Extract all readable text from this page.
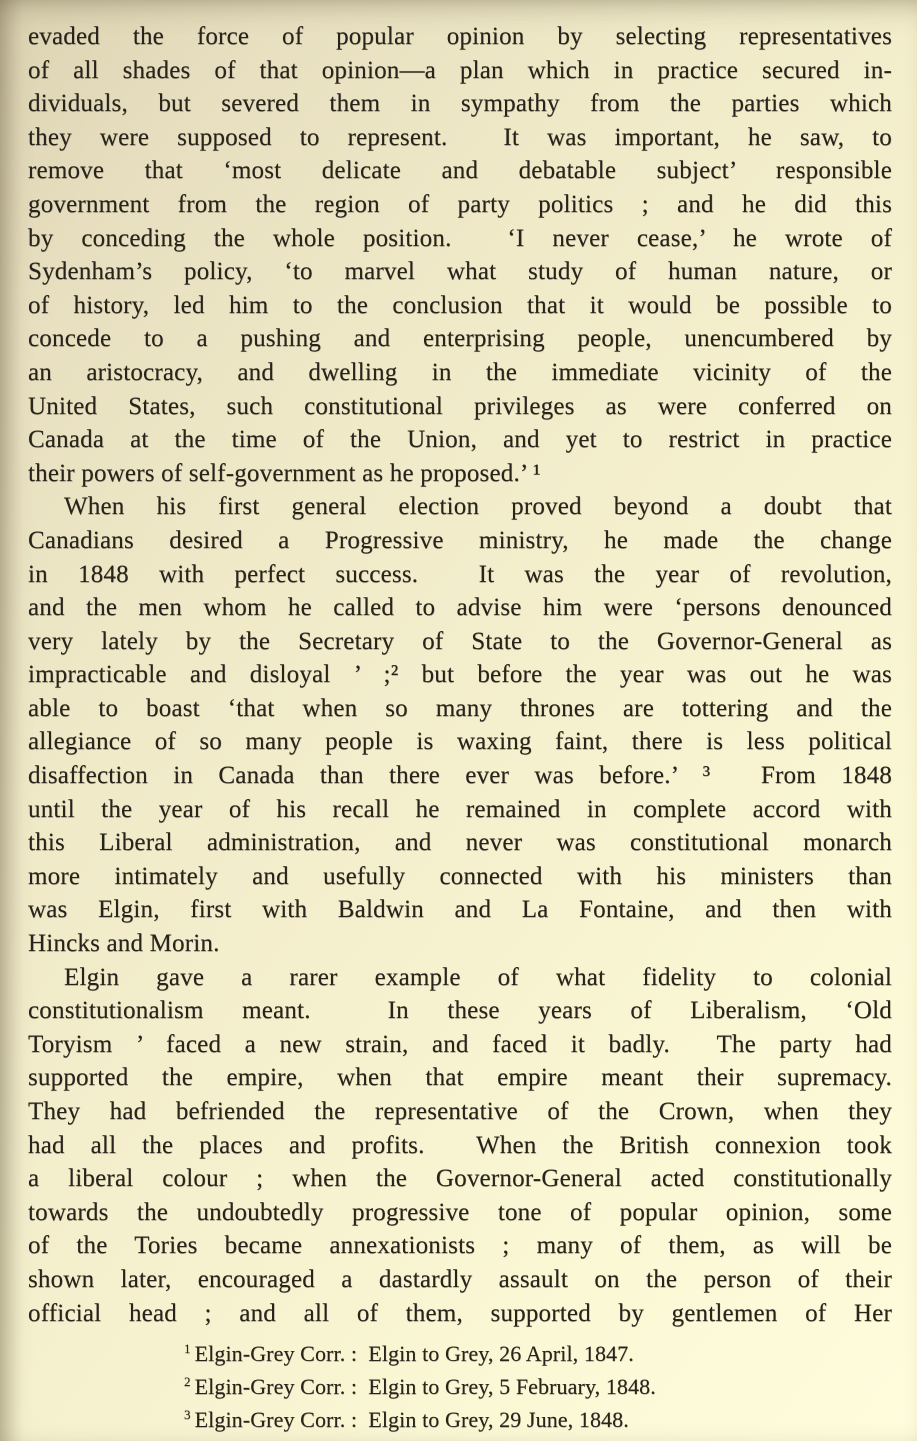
evaded the force of popular opinion by selecting representatives
of all shades of that opinion—a plan which in practice secured in-
dividuals, but severed them in sympathy from the parties which
they were supposed to represent.  It was important, he saw, to
remove that ‘most delicate and debatable subject’ responsible
government from the region of party politics ; and he did this
by conceding the whole position.  ‘I never cease,’ he wrote of
Sydenham’s policy, ‘to marvel what study of human nature, or
of history, led him to the conclusion that it would be possible to
concede to a pushing and enterprising people, unencumbered by
an aristocracy, and dwelling in the immediate vicinity of the
United States, such constitutional privileges as were conferred on
Canada at the time of the Union, and yet to restrict in practice
their powers of self-government as he proposed.’ ¹
When his first general election proved beyond a doubt that
Canadians desired a Progressive ministry, he made the change
in 1848 with perfect success.  It was the year of revolution,
and the men whom he called to advise him were ‘persons denounced
very lately by the Secretary of State to the Governor-General as
impracticable and disloyal ’ ;² but before the year was out he was
able to boast ‘that when so many thrones are tottering and the
allegiance of so many people is waxing faint, there is less political
disaffection in Canada than there ever was before.’ ³  From 1848
until the year of his recall he remained in complete accord with
this Liberal administration, and never was constitutional monarch
more intimately and usefully connected with his ministers than
was Elgin, first with Baldwin and La Fontaine, and then with
Hincks and Morin.
Elgin gave a rarer example of what fidelity to colonial
constitutionalism meant.  In these years of Liberalism, ‘Old
Toryism ’ faced a new strain, and faced it badly.  The party had
supported the empire, when that empire meant their supremacy.
They had befriended the representative of the Crown, when they
had all the places and profits.  When the British connexion took
a liberal colour ; when the Governor-General acted constitutionally
towards the undoubtedly progressive tone of popular opinion, some
of the Tories became annexationists ; many of them, as will be
shown later, encouraged a dastardly assault on the person of their
official head ; and all of them, supported by gentlemen of Her
$^1$ Elgin-Grey Corr. :  Elgin to Grey, 26 April, 1847.
$^2$ Elgin-Grey Corr. :  Elgin to Grey, 5 February, 1848.
$^3$ Elgin-Grey Corr. :  Elgin to Grey, 29 June, 1848.
